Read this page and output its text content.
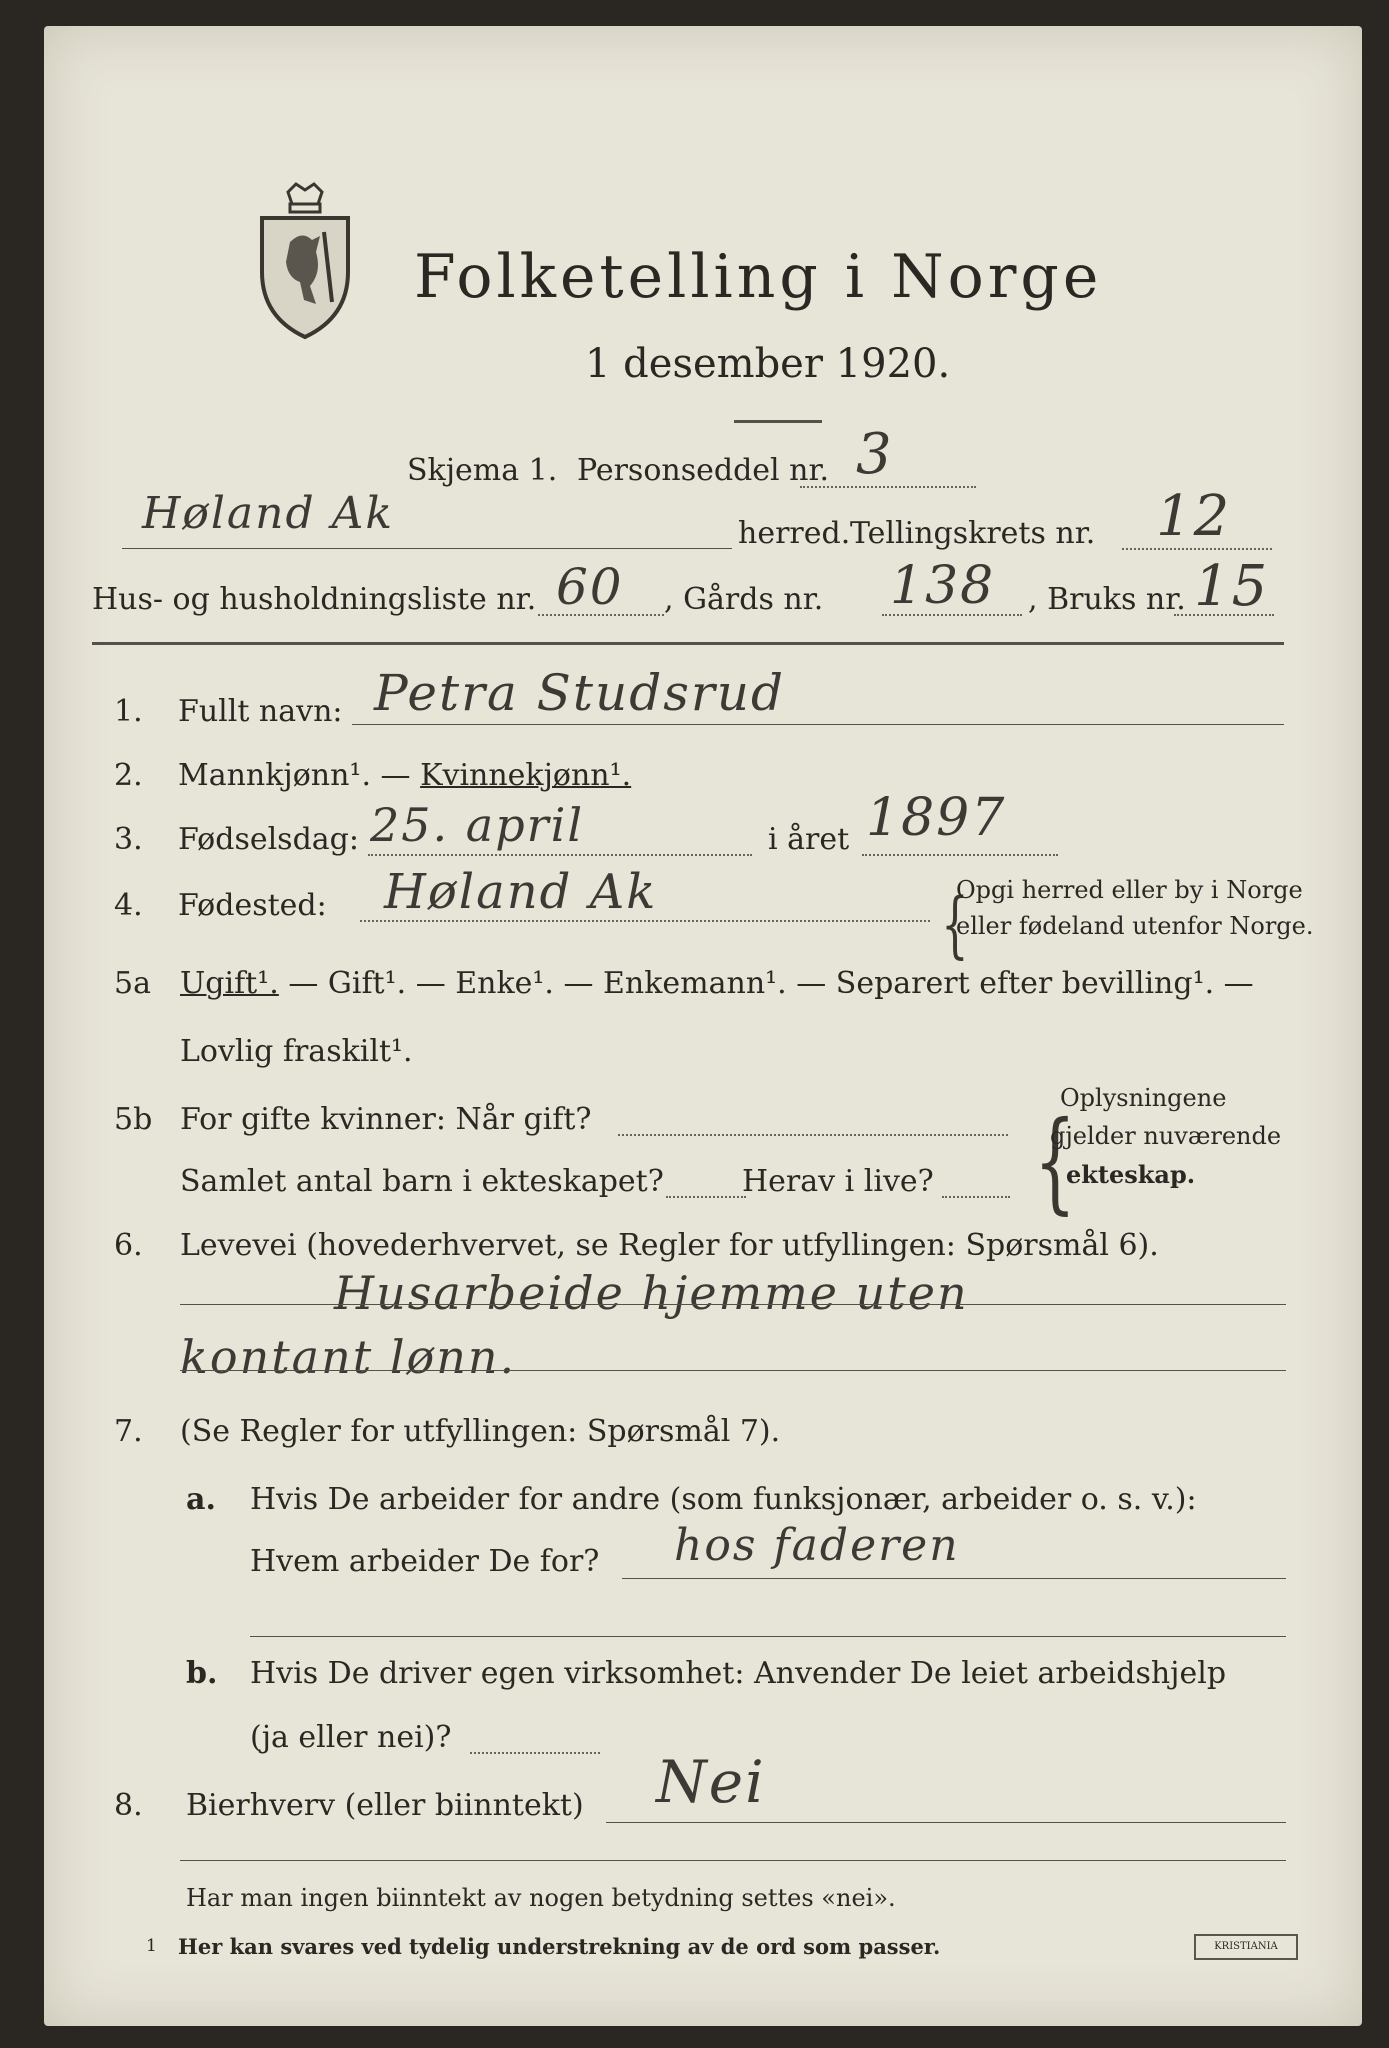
Folketelling i Norge
1 desember 1920.
Skjema 1. Personseddel nr. 3
Høland Ak	herred. Tellingskrets nr. 12
Hus- og husholdningsliste nr. 60 , Gårds nr. 138 , Bruks nr. 15
1. Fullt navn: Petra Studsrud
2. Mannkjønn¹. — Kvinnekjønn¹.
3. Fødselsdag: 25. april	i året 1897
4. Fødested: Høland Ak	{
Opgi herred eller by i Norge
eller fødeland utenfor Norge.
5a Ugift¹. — Gift¹. — Enke¹. — Enkemann¹. — Separert efter bevilling¹. —
Lovlig fraskilt¹.
5b For gifte kvinner: Når gift?
Samlet antal barn i ekteskapet?	Herav i live? {
Oplysningene
gjelder nuværende
ekteskap.
6. Levevei (hovederhvervet, se Regler for utfyllingen: Spørsmål 6).
Husarbeide hjemme uten
kontant lønn.
7. (Se Regler for utfyllingen: Spørsmål 7).
a. Hvis De arbeider for andre (som funksjonær, arbeider o. s. v.):
Hvem arbeider De for? hos faderen
b. Hvis De driver egen virksomhet: Anvender De leiet arbeidshjelp
(ja eller nei)?
8. Bierhverv (eller biinntekt) Nei
Har man ingen biinntekt av nogen betydning settes «nei».
1 Her kan svares ved tydelig understrekning av de ord som passer.	KRISTIANIA
